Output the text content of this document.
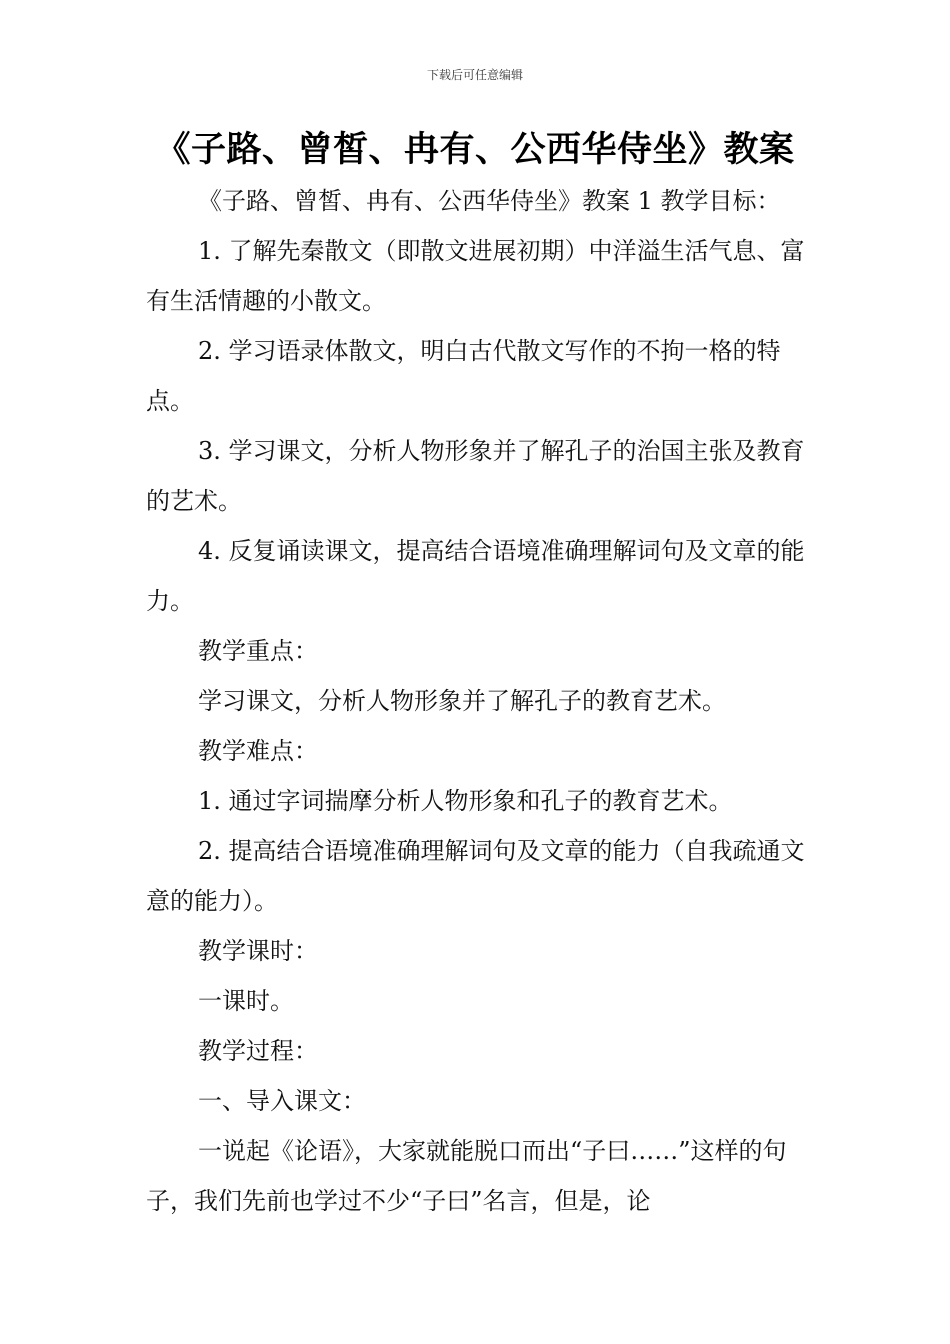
下载后可任意编辑
《子路、曾皙、冉有、公西华侍坐》教案

《子路、曾皙、冉有、公西华侍坐》教案 1 教学目标：

1. 了解先秦散文（即散文进展初期）中洋溢生活气息、富有生活情趣的小散文。

2. 学习语录体散文，明白古代散文写作的不拘一格的特点。

3. 学习课文，分析人物形象并了解孔子的治国主张及教育的艺术。

4. 反复诵读课文，提高结合语境准确理解词句及文章的能力。

教学重点：

学习课文，分析人物形象并了解孔子的教育艺术。

教学难点：

1. 通过字词揣摩分析人物形象和孔子的教育艺术。

2. 提高结合语境准确理解词句及文章的能力（自我疏通文意的能力）。

教学课时：

一课时。

教学过程：

一、导入课文：

一说起《论语》，大家就能脱口而出“子曰……”这样的句子，我们先前也学过不少“子曰”名言，但是，论
